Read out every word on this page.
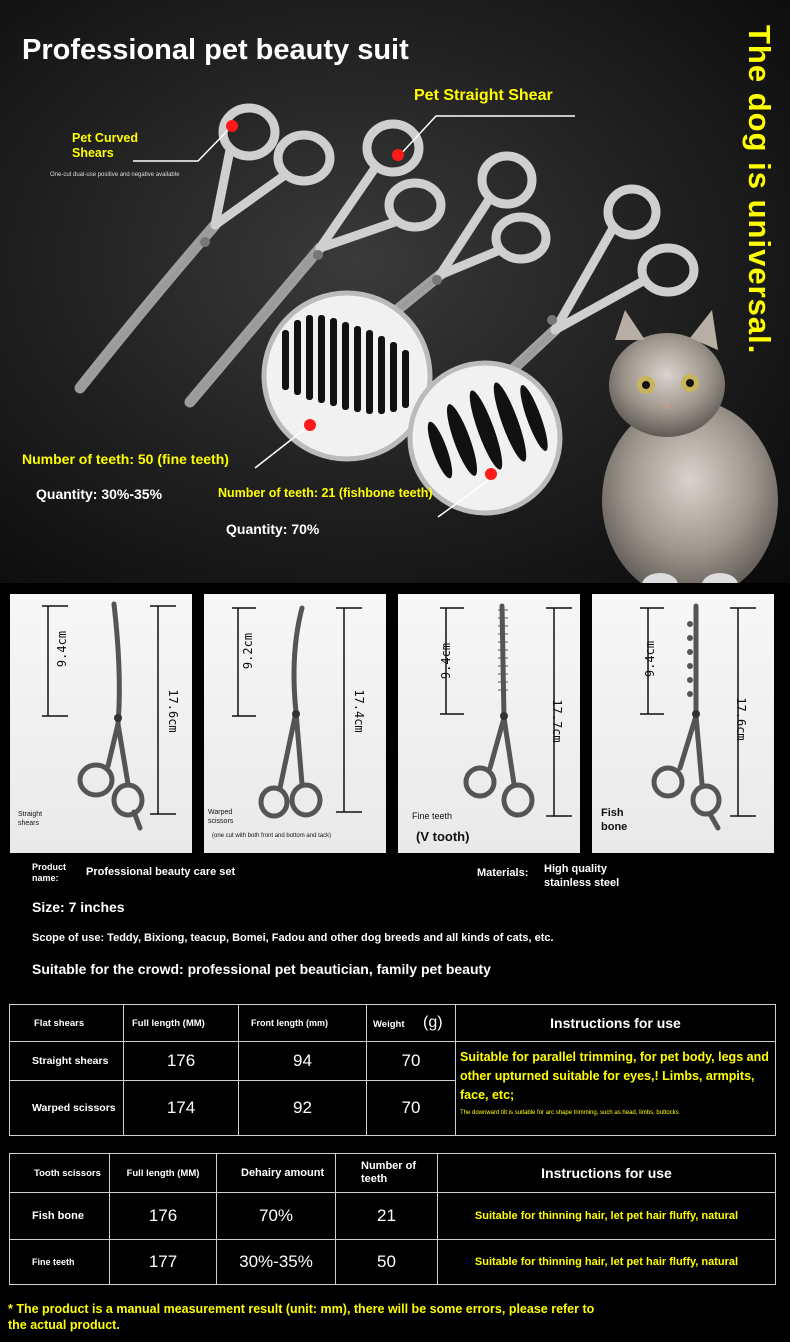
Professional pet beauty suit	The dog is universal.
Pet Curved Shears
One-cut dual-use positive and negative available
Pet Straight Shear
Number of teeth: 50 (fine teeth)
Quantity: 30%-35%	Number of teeth: 21 (fishbone teeth)
Quantity: 70%
9.4cm
17.6cm
Straight shears
9.2cm
17.4cm
Warped scissors
(one cut with both front and bottom and tack)
9.4cm
17.7cm
Fine teeth
(V tooth)
9.4cm
17.6cm
Fish bone
Product name:	Professional beauty care set	Materials: High quality stainless steel
Size: 7 inches
Scope of use: Teddy, Bixiong, teacup, Bomei, Fadou and other dog breeds and all kinds of cats, etc.
Suitable for the crowd: professional pet beautician, family pet beauty
Flat shears	Full length (MM)	Front length (mm)	Weight (g)	Instructions for use
Straight shears	176	94	70	Suitable for parallel trimming, for pet body, legs and other upturned suitable for eyes,! Limbs, armpits, face, etc;
The downward tilt is suitable for arc shape trimming, such as head, limbs, buttocks

Warped scissors	174	92	70	
Tooth scissors	Full length (MM)	Dehairy amount	Number of teeth	Instructions for use
Fish bone	176	70%	21	Suitable for thinning hair, let pet hair fluffy, natural
Fine teeth	177	30%-35%	50	Suitable for thinning hair, let pet hair fluffy, natural
* The product is a manual measurement result (unit: mm), there will be some errors, please refer to the actual product.
